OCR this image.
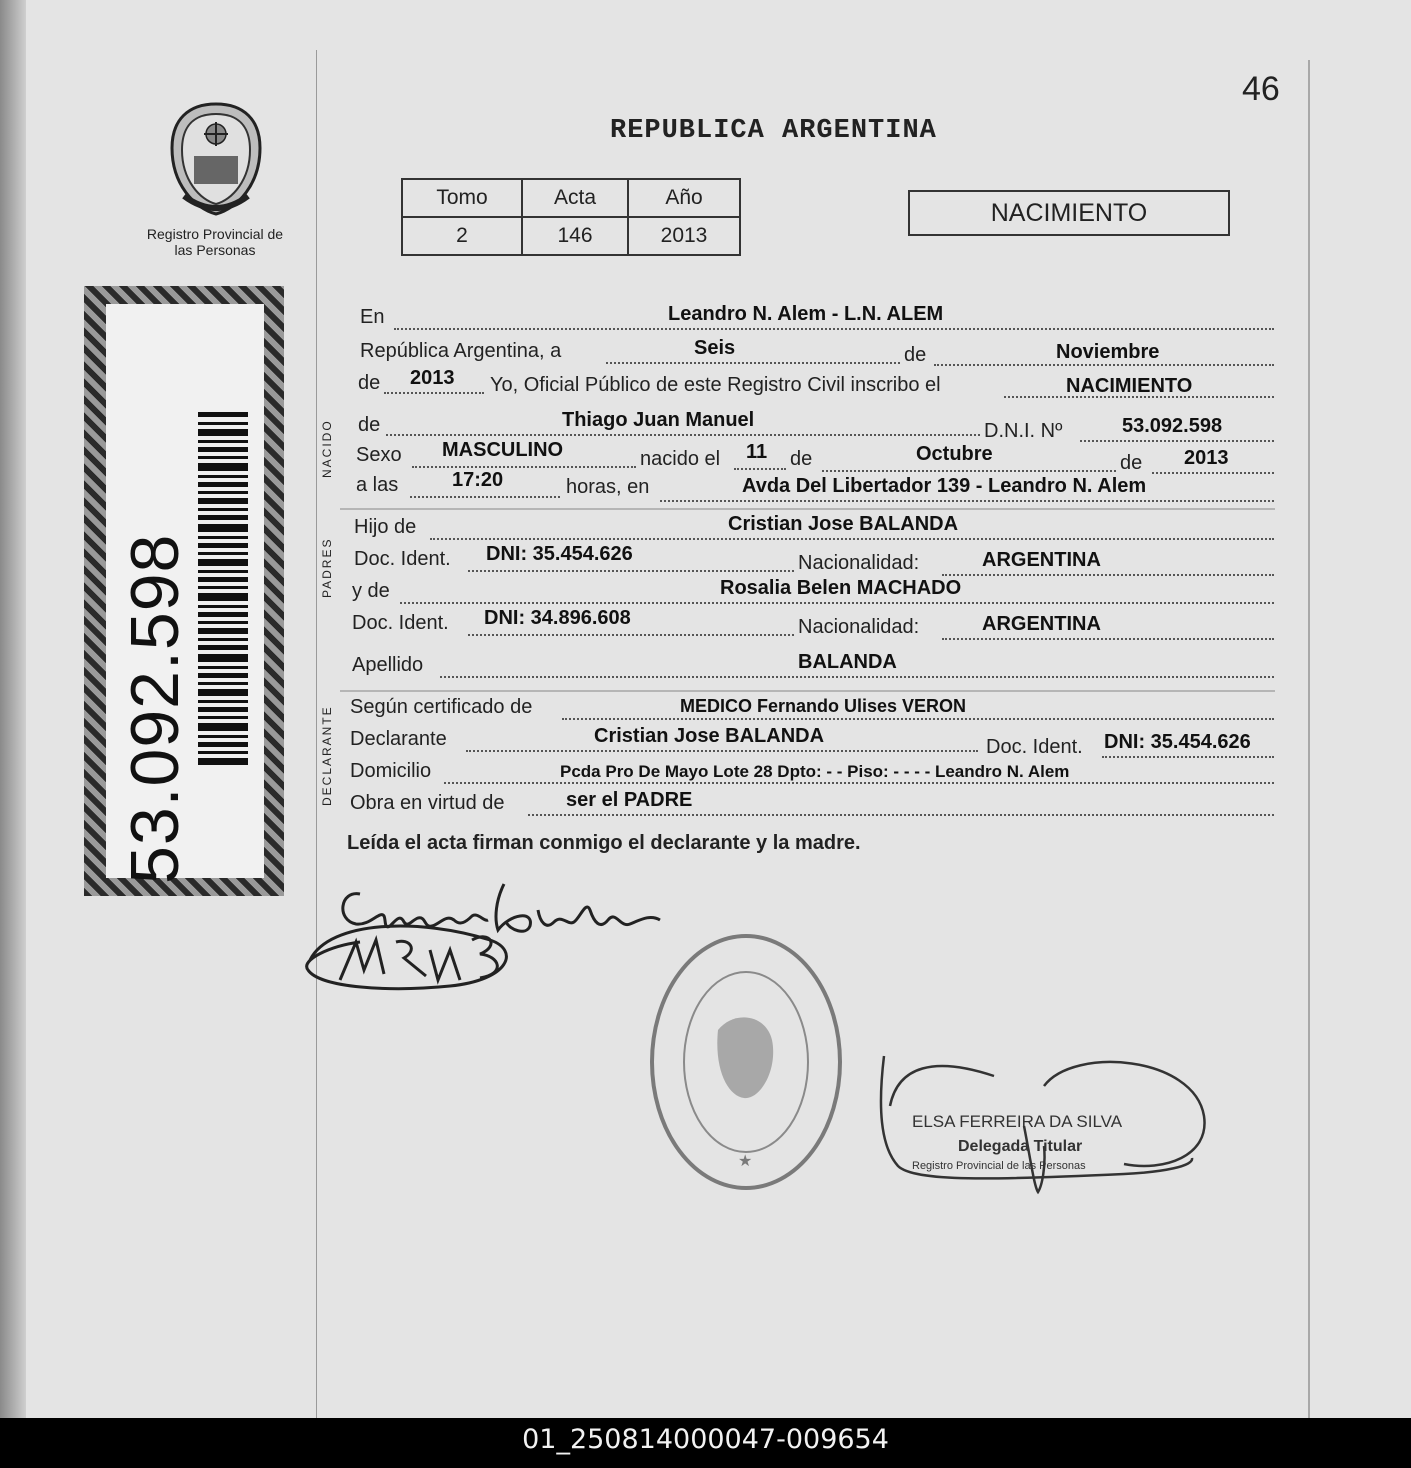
46
REPUBLICA ARGENTINA
Registro Provincial de las Personas
Tomo	Acta	Año
2	146	2013
NACIMIENTO
53.092.598
NACIDO
PADRES
DECLARANTE
En	Leandro N. Alem - L.N. ALEM
República Argentina, a	Seis	de	Noviembre
de 2013 Yo, Oficial Público de este Registro Civil inscribo el	NACIMIENTO
de	Thiago Juan Manuel	D.N.I. Nº	53.092.598
Sexo MASCULINO	nacido el 11 de	Octubre	de 2013
a las	17:20	horas, en	Avda Del Libertador 139 - Leandro N. Alem
Hijo de	Cristian Jose BALANDA
Doc. Ident. DNI: 35.454.626	Nacionalidad:	ARGENTINA
y de	Rosalia Belen MACHADO
Doc. Ident. DNI: 34.896.608	Nacionalidad:	ARGENTINA
Apellido	BALANDA
Según certificado de	MEDICO Fernando Ulises VERON
Declarante	Cristian Jose BALANDA	Doc. Ident. DNI: 35.454.626
Domicilio	Pcda Pro De Mayo Lote 28 Dpto: - - Piso: - - - - Leandro N. Alem
Obra en virtud de	ser el PADRE
Leída el acta firman conmigo el declarante y la madre.
★
ELSA FERREIRA DA SILVA
Delegada Titular
Registro Provincial de las Personas
01_250814000047-009654
